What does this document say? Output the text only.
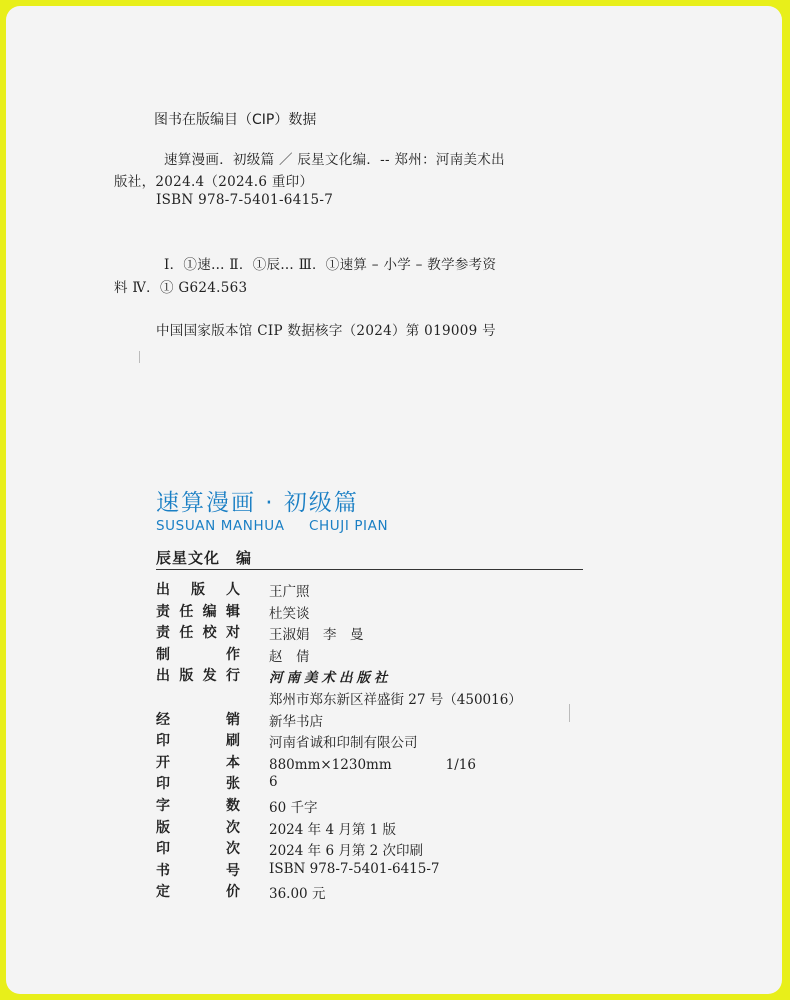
图书在版编目（CIP）数据
速算漫画．初级篇 ／ 辰星文化编．-- 郑州：河南美术出
版社，2024.4（2024.6 重印）
ISBN 978-7-5401-6415-7
Ⅰ．①速… Ⅱ．①辰… Ⅲ．①速算 – 小学 – 教学参考资
料 Ⅳ．① G624.563
中国国家版本馆 CIP 数据核字（2024）第 019009 号
速算漫画 · 初级篇
SUSUAN MANHUA CHUJI PIAN
辰星文化　编
出 版 人 王广照
责 任 编 辑 杜笑谈
责 任 校 对 王淑娟　李　曼
制	作 赵　倩
出 版 发 行 河南美术出版社
郑州市郑东新区祥盛街 27 号（450016）
经	销 新华书店
印	刷 河南省诚和印制有限公司
开	本 880mm×1230mm　　　　1/16
印	张 6
字	数 60 千字
版	次 2024 年 4 月第 1 版
印	次 2024 年 6 月第 2 次印刷
书	号 ISBN 978-7-5401-6415-7
定	价 36.00 元
